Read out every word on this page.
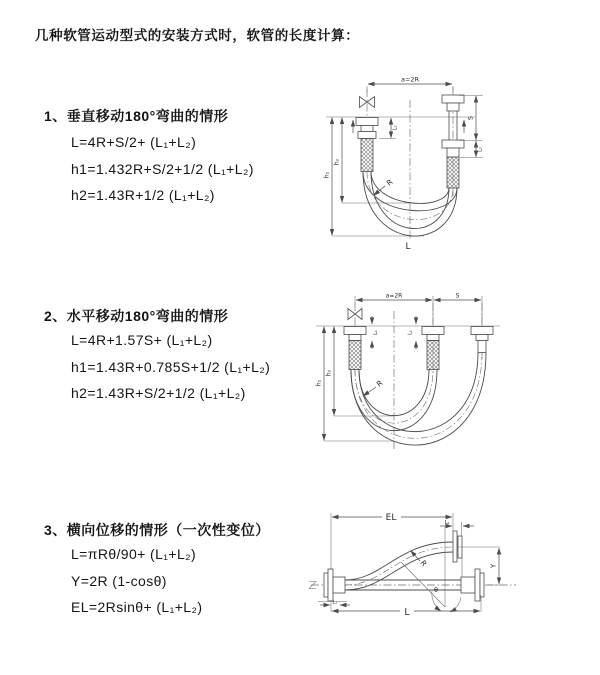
几种软管运动型式的安装方式时，软管的长度计算：
1、垂直移动180°弯曲的情形
L=4R+S/2+ (L₁+L₂)
h1=1.432R+S/2+1/2 (L₁+L₂)
h2=1.43R+1/2 (L₁+L₂)
2、水平移动180°弯曲的情形
L=4R+1.57S+ (L₁+L₂)
h1=1.43R+0.785S+1/2 (L₁+L₂)
h2=1.43R+S/2+1/2 (L₁+L₂)
3、横向位移的情形（一次性变位）
L=πRθ/90+ (L₁+L₂)
Y=2R (1-cosθ)
EL=2Rsinθ+ (L₁+L₂)
a=2R
S
L₂
L₁
h₁
h₂
R
L
a=2R	S
L₁	L₂
h₁
h₂
R
EL	L₂
Y
θ
R
L₁
L
